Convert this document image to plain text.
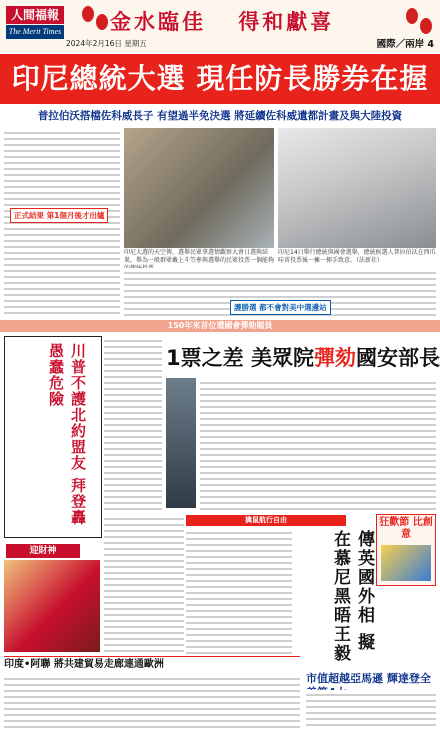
人間福報
The Merit Times 金水臨佳 得和獻喜
2024年2月16日 星期五	國際／兩岸 4
印尼總統大選 現任防長勝券在握
普拉伯沃搭檔佐科威長子 有望過半免決選 將延續佐科威遺都計畫及與大陸投資
正式結果 第1個月後才出爐
印尼大選的天空傳，選舉民眾拿選情觀察大會日選與結果，舉為一般群眾戴上斗笠參與選舉的民眾投票一個能夠
印尼14日舉行總統與國會選舉，總統候選人普拉伯沃在西爪哇省投票後一擁一揮手致意。（法新社）
護勝選 都不會對美中選邊站
150年來首位遭國會彈劾閣員
川普不護北約盟友 拜登轟愚蠢危險	1票之差 美眾院彈劾國安部長
迎財神
擒鼠航行自由
傳英國外相 擬在慕尼黑晤王毅
狂歡節 比創意
印度•阿聯 將共建貿易走廊連通歐洲
市值超越亞馬遜 輝達登全
